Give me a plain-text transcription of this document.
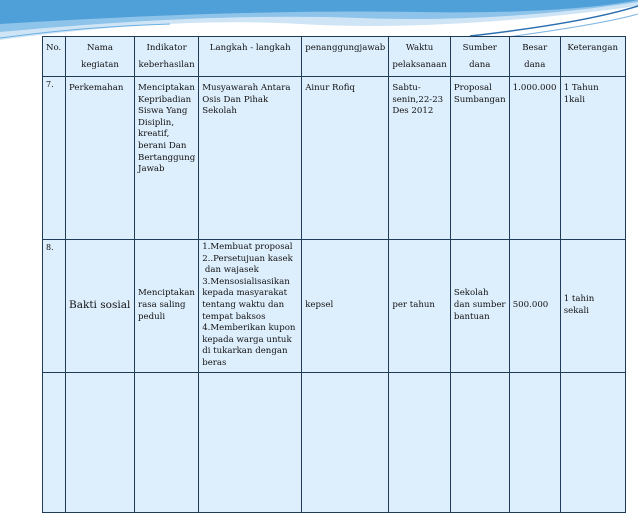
No.	Nama kegiatan	Indikator keberhasilan	Langkah - langkah	penanggungjawab	Waktu pelaksanaan	Sumber dana	Besar dana	Keterangan
7.	Perkemahan	Menciptakan Kepribadian Siswa Yang Disiplin, kreatif, berani Dan Bertanggung Jawab	Musyawarah Antara Osis Dan Pihak Sekolah	Ainur Rofiq	Sabtu-senin,22-23 Des 2012	Proposal Sumbangan	1.000.000	1 Tahun 1kali
8.	Bakti sosial	Menciptakan rasa saling peduli	1.Membuat proposal
2..Persetujuan kasek
dan wajasek
3.Mensosialisasikan kepada masyarakat tentang waktu dan tempat baksos
4.Memberikan kupon kepada warga untuk di tukarkan dengan beras	kepsel	per tahun	Sekolah dan sumber bantuan	500.000	1 tahin sekali
